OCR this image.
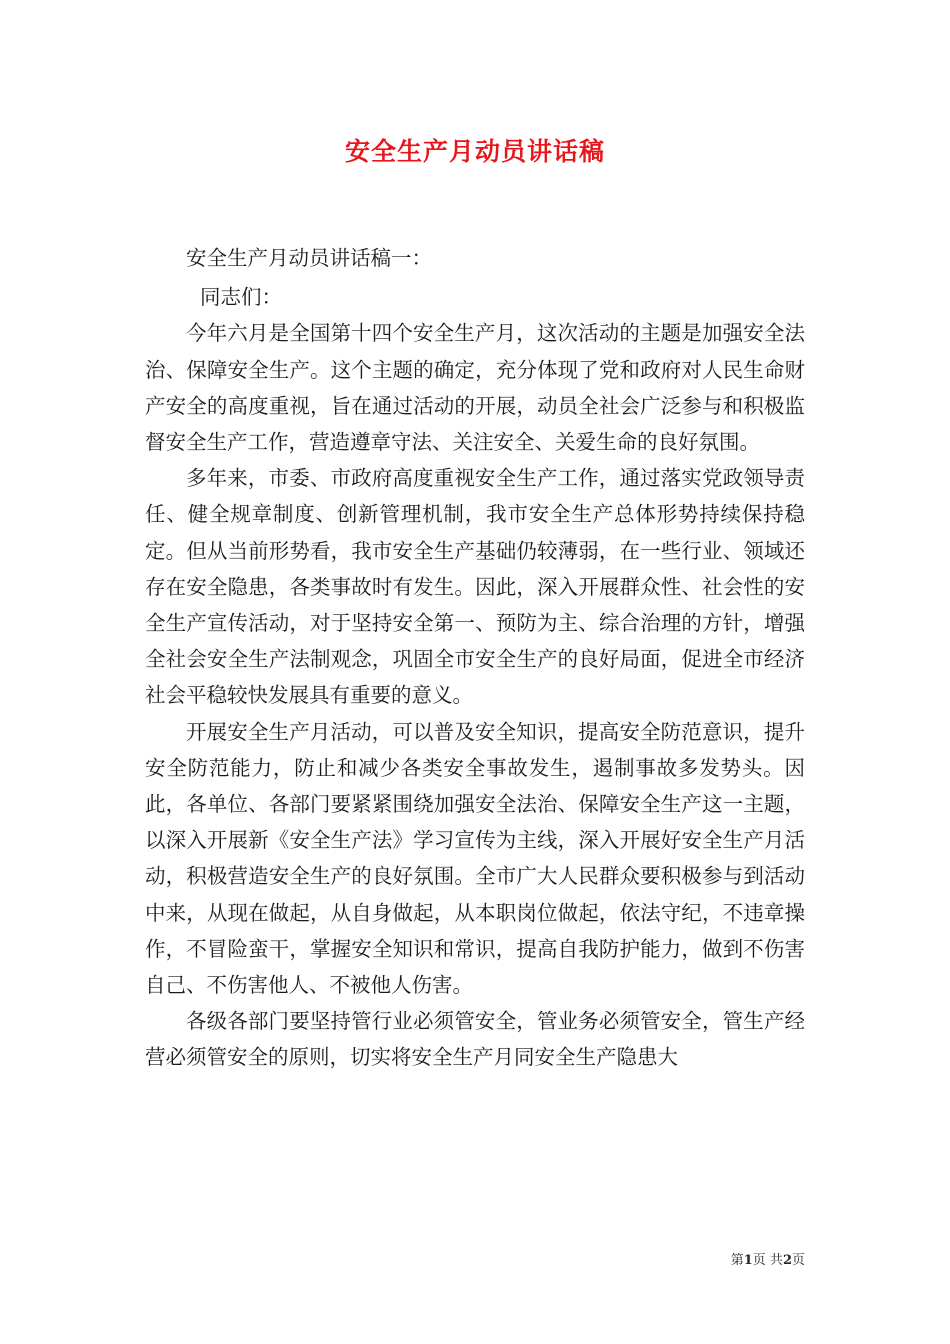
安全生产月动员讲话稿

安全生产月动员讲话稿一：

同志们：

今年六月是全国第十四个安全生产月，这次活动的主题是加强安全法治、保障安全生产。这个主题的确定，充分体现了党和政府对人民生命财产安全的高度重视，旨在通过活动的开展，动员全社会广泛参与和积极监督安全生产工作，营造遵章守法、关注安全、关爱生命的良好氛围。

多年来，市委、市政府高度重视安全生产工作，通过落实党政领导责任、健全规章制度、创新管理机制，我市安全生产总体形势持续保持稳定。但从当前形势看，我市安全生产基础仍较薄弱，在一些行业、领域还存在安全隐患，各类事故时有发生。因此，深入开展群众性、社会性的安全生产宣传活动，对于坚持安全第一、预防为主、综合治理的方针，增强全社会安全生产法制观念，巩固全市安全生产的良好局面，促进全市经济社会平稳较快发展具有重要的意义。

开展安全生产月活动，可以普及安全知识，提高安全防范意识，提升安全防范能力，防止和减少各类安全事故发生，遏制事故多发势头。因此，各单位、各部门要紧紧围绕加强安全法治、保障安全生产这一主题，以深入开展新《安全生产法》学习宣传为主线，深入开展好安全生产月活动，积极营造安全生产的良好氛围。全市广大人民群众要积极参与到活动中来，从现在做起，从自身做起，从本职岗位做起，依法守纪，不违章操作，不冒险蛮干，掌握安全知识和常识，提高自我防护能力，做到不伤害自己、不伤害他人、不被他人伤害。

各级各部门要坚持管行业必须管安全，管业务必须管安全，管生产经营必须管安全的原则，切实将安全生产月同安全生产隐患大

第1页 共2页
